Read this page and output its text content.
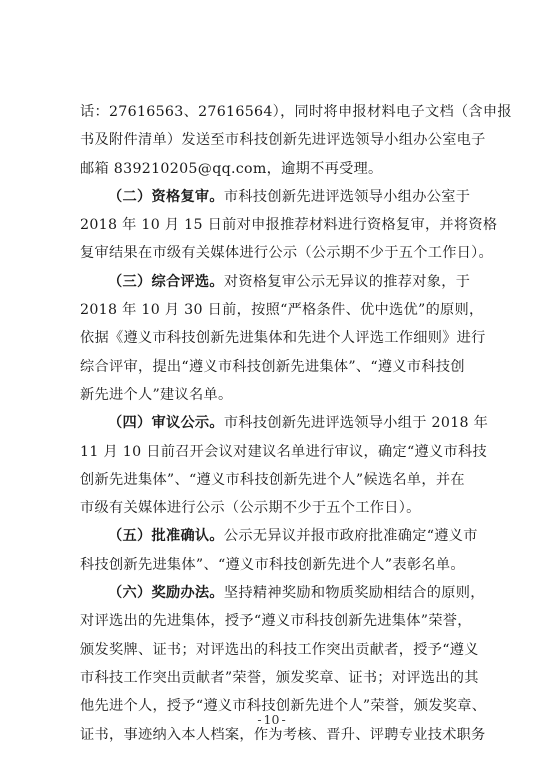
话：27616563、27616564），同时将申报材料电子文档（含申报
书及附件清单）发送至市科技创新先进评选领导小组办公室电子
邮箱 839210205@qq.com，逾期不再受理。

（二）资格复审。市科技创新先进评选领导小组办公室于
2018 年 10 月 15 日前对申报推荐材料进行资格复审，并将资格
复审结果在市级有关媒体进行公示（公示期不少于五个工作日）。

（三）综合评选。对资格复审公示无异议的推荐对象，于
2018 年 10 月 30 日前，按照“严格条件、优中选优”的原则，
依据《遵义市科技创新先进集体和先进个人评选工作细则》进行
综合评审，提出“遵义市科技创新先进集体”、“遵义市科技创
新先进个人”建议名单。

（四）审议公示。市科技创新先进评选领导小组于 2018 年
11 月 10 日前召开会议对建议名单进行审议，确定“遵义市科技
创新先进集体”、“遵义市科技创新先进个人”候选名单，并在
市级有关媒体进行公示（公示期不少于五个工作日）。

（五）批准确认。公示无异议并报市政府批准确定“遵义市
科技创新先进集体”、“遵义市科技创新先进个人”表彰名单。

（六）奖励办法。坚持精神奖励和物质奖励相结合的原则，
对评选出的先进集体，授予“遵义市科技创新先进集体”荣誉，
颁发奖牌、证书；对评选出的科技工作突出贡献者，授予“遵义
市科技工作突出贡献者”荣誉，颁发奖章、证书；对评选出的其
他先进个人，授予“遵义市科技创新先进个人”荣誉，颁发奖章、
证书，事迹纳入本人档案，作为考核、晋升、评聘专业技术职务

- 10 -
